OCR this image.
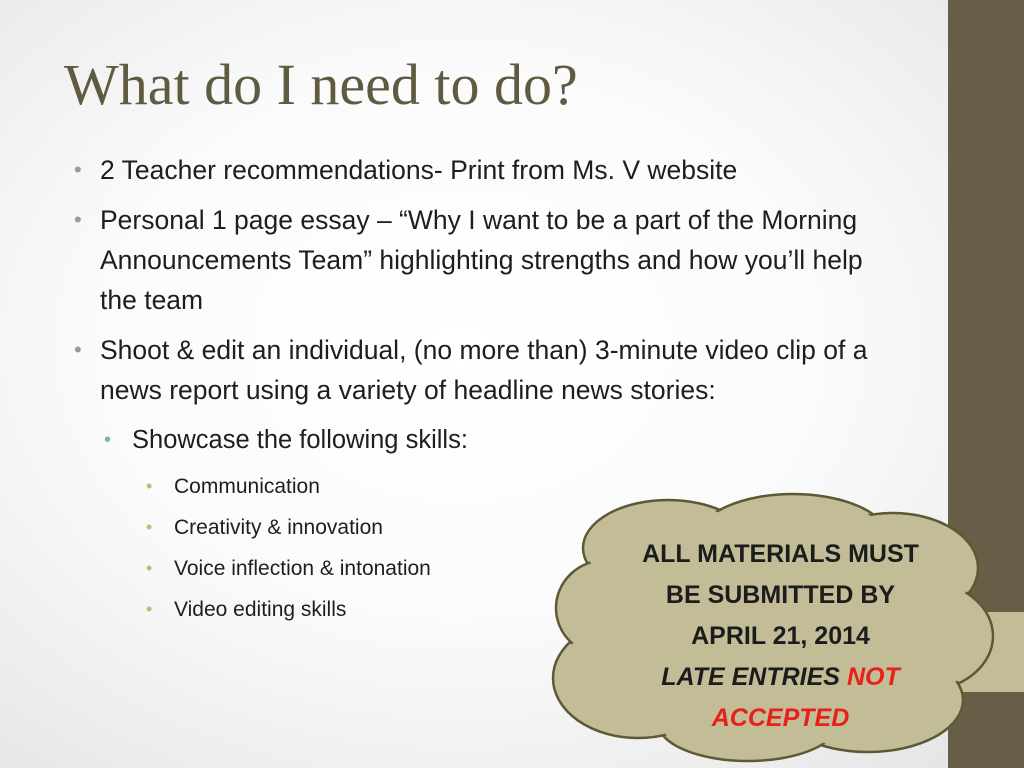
What do I need to do?
• 2 Teacher recommendations- Print from Ms. V website
• Personal 1 page essay – “Why I want to be a part of the Morning Announcements Team” highlighting strengths and how you’ll help the team
• Shoot & edit an individual, (no more than) 3-minute video clip of a news report using a variety of headline news stories:
• Showcase the following skills:
• Communication
• Creativity & innovation
• Voice inflection & intonation
• Video editing skills
ALL MATERIALS MUST
BE SUBMITTED BY
APRIL 21, 2014
LATE ENTRIES NOT
ACCEPTED
